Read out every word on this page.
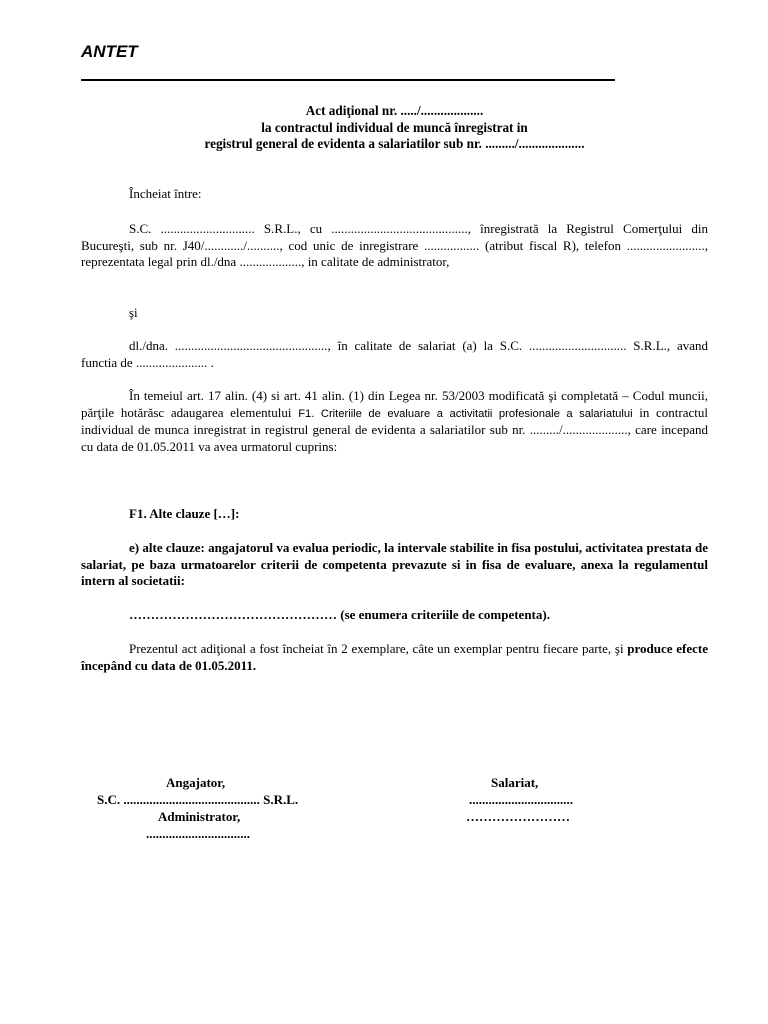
ANTET
Act adiţional nr. ...../...................
la contractul individual de muncă înregistrat in
registrul general de evidenta a salariatilor sub nr. ........./....................
Încheiat între:
S.C. ............................. S.R.L., cu .........................................., înregistrată la Registrul Comerţului din Bucureşti, sub nr. J40/............/.........., cod unic de inregistrare ................. (atribut fiscal R), telefon ........................, reprezentata legal prin dl./dna ..................., in calitate de administrator,
şi
dl./dna. ..............................................., în calitate de salariat (a) la S.C. .............................. S.R.L., avand functia de ...................... .
În temeiul art. 17 alin. (4) si art. 41 alin. (1) din Legea nr. 53/2003 modificată şi completată – Codul muncii, părţile hotărăsc adaugarea elementului F1. Criteriile de evaluare a activitatii profesionale a salariatului in contractul individual de munca inregistrat in registrul general de evidenta a salariatilor sub nr. ........./...................., care incepand cu data de 01.05.2011 va avea urmatorul cuprins:
F1. Alte clauze […]:
e) alte clauze: angajatorul va evalua periodic, la intervale stabilite in fisa postului, activitatea prestata de salariat, pe baza urmatoarelor criterii de competenta prevazute si in fisa de evaluare, anexa la regulamentul intern al societatii:
………………………………………… (se enumera criteriile de competenta).
Prezentul act adiţional a fost încheiat în 2 exemplare, câte un exemplar pentru fiecare parte, şi produce efecte începând cu data de 01.05.2011.
Angajator,
S.C. .......................................... S.R.L.
Administrator,
................................
Salariat,
................................
……………………
